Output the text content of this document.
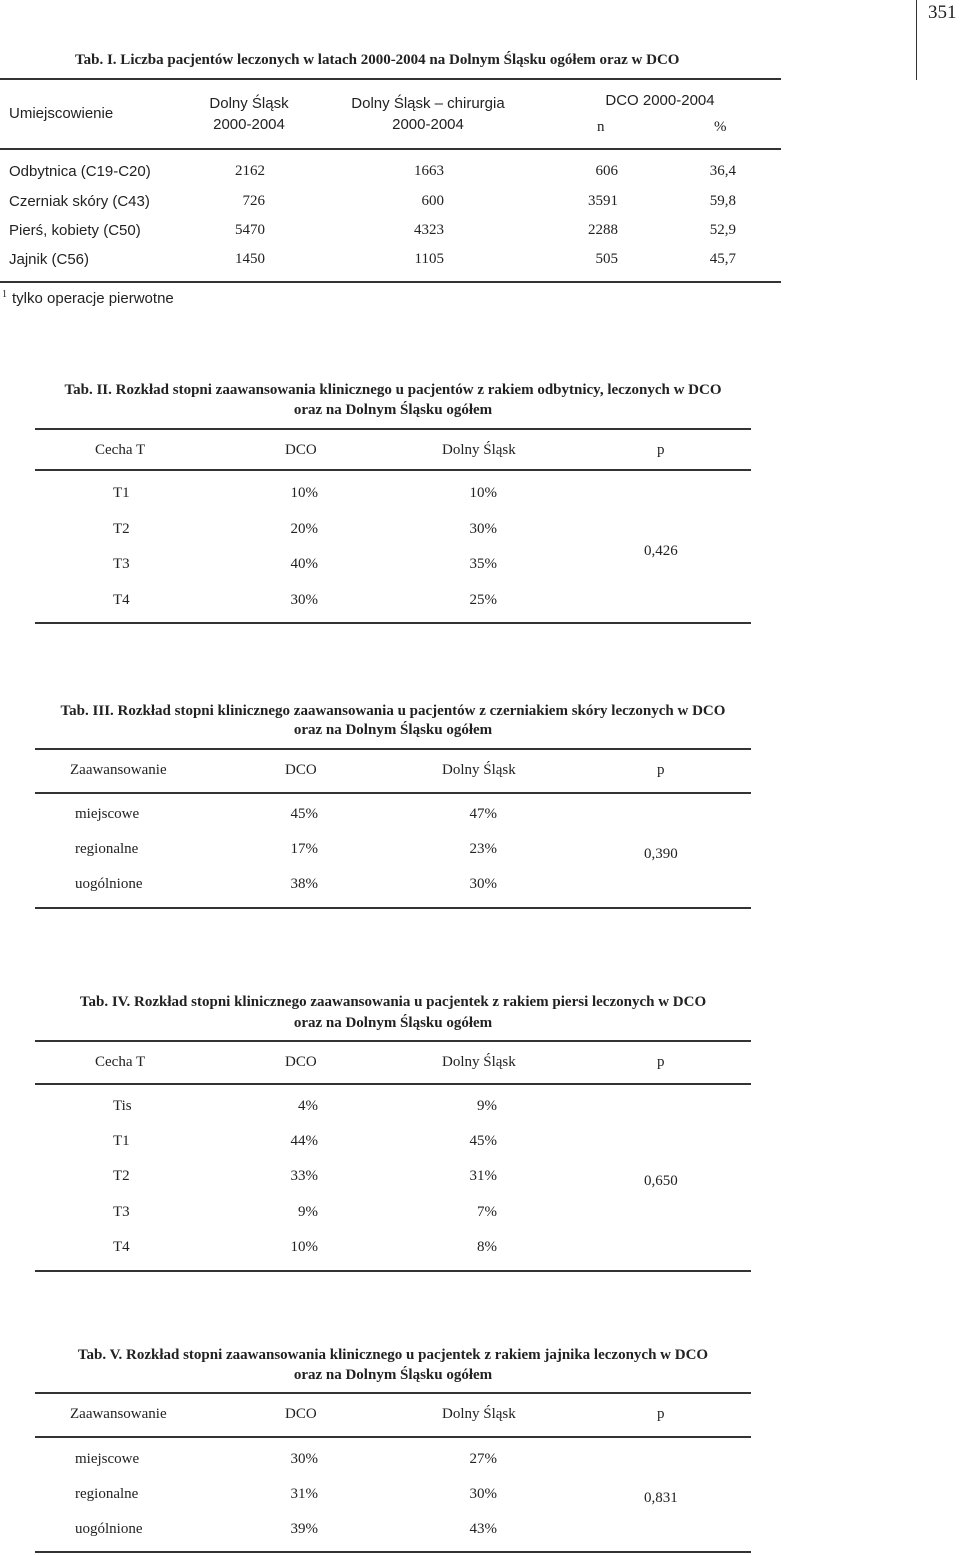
351
Tab. I. Liczba pacjentów leczonych w latach 2000-2004 na Dolnym Śląsku ogółem oraz w DCO
Umiejscowienie
Dolny Śląsk
2000-2004
Dolny Śląsk – chirurgia
2000-2004
DCO 2000-2004
n	%
Odbytnica (C19-C20)	2162	1663	606	36,4
Czerniak skóry (C43)	726	600	3591	59,8
Pierś, kobiety (C50)	5470	4323	2288	52,9
Jajnik (C56)	1450	1105	505	45,7
1 tylko operacje pierwotne
Tab. II. Rozkład stopni zaawansowania klinicznego u pacjentów z rakiem odbytnicy, leczonych w DCO
oraz na Dolnym Śląsku ogółem
Cecha T	DCO	Dolny Śląsk	p
T1	10%	10%
T2	20%	30%
T3	40%	35%
T4	30%	25%
0,426
Tab. III. Rozkład stopni klinicznego zaawansowania u pacjentów z czerniakiem skóry leczonych w DCO
oraz na Dolnym Śląsku ogółem
Zaawansowanie	DCO	Dolny Śląsk	p
miejscowe	45%	47%
regionalne	17%	23%
uogólnione	38%	30%
0,390
Tab. IV. Rozkład stopni klinicznego zaawansowania u pacjentek z rakiem piersi leczonych w DCO
oraz na Dolnym Śląsku ogółem
Cecha T	DCO	Dolny Śląsk	p
Tis	4%	9%
T1	44%	45%
T2	33%	31%
T3	9%	7%
T4	10%	8%
0,650
Tab. V. Rozkład stopni zaawansowania klinicznego u pacjentek z rakiem jajnika leczonych w DCO
oraz na Dolnym Śląsku ogółem
Zaawansowanie	DCO	Dolny Śląsk	p
miejscowe	30%	27%
regionalne	31%	30%
uogólnione	39%	43%
0,831
